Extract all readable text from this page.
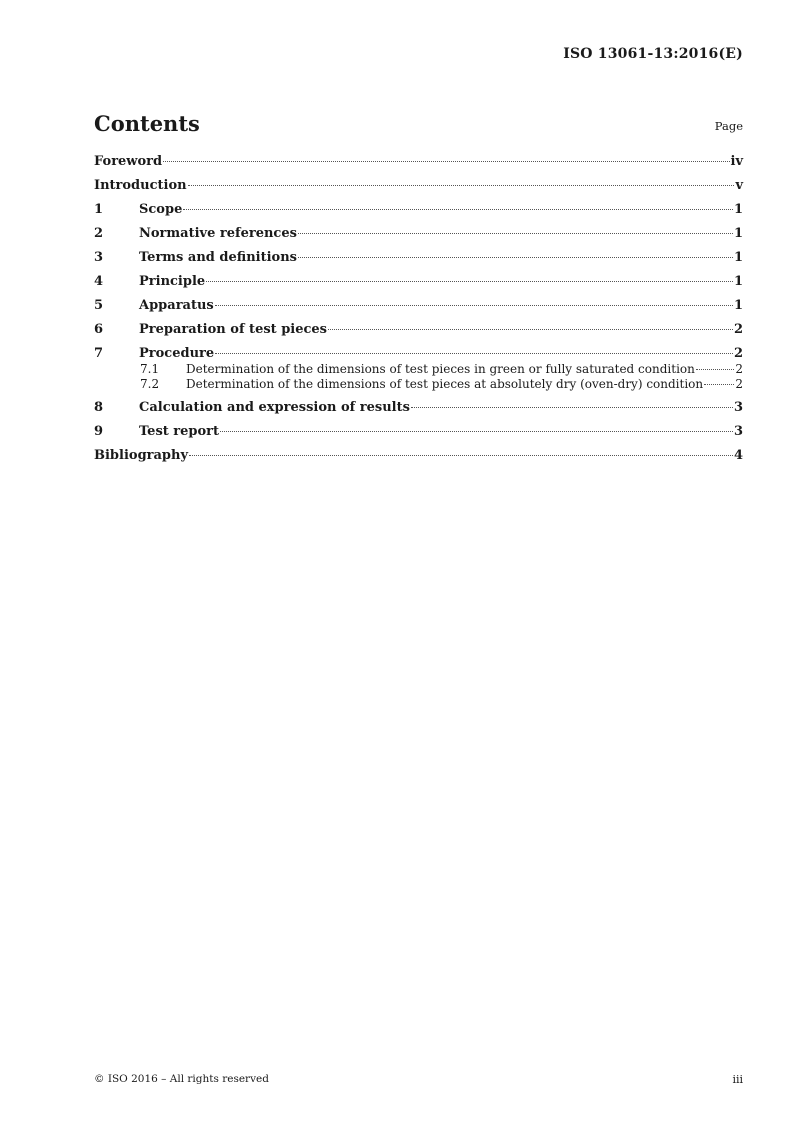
ISO 13061-13:2016(E)
Contents	Page
Foreword	iv
Introduction	v
1	Scope	1
2	Normative references	1
3	Terms and definitions	1
4	Principle	1
5	Apparatus	1
6	Preparation of test pieces	2
7	Procedure	2
7.1	Determination of the dimensions of test pieces in green or fully saturated condition	2
7.2	Determination of the dimensions of test pieces at absolutely dry (oven-dry) condition	2
8	Calculation and expression of results	3
9	Test report	3
Bibliography	4
© ISO 2016 – All rights reserved	iii
